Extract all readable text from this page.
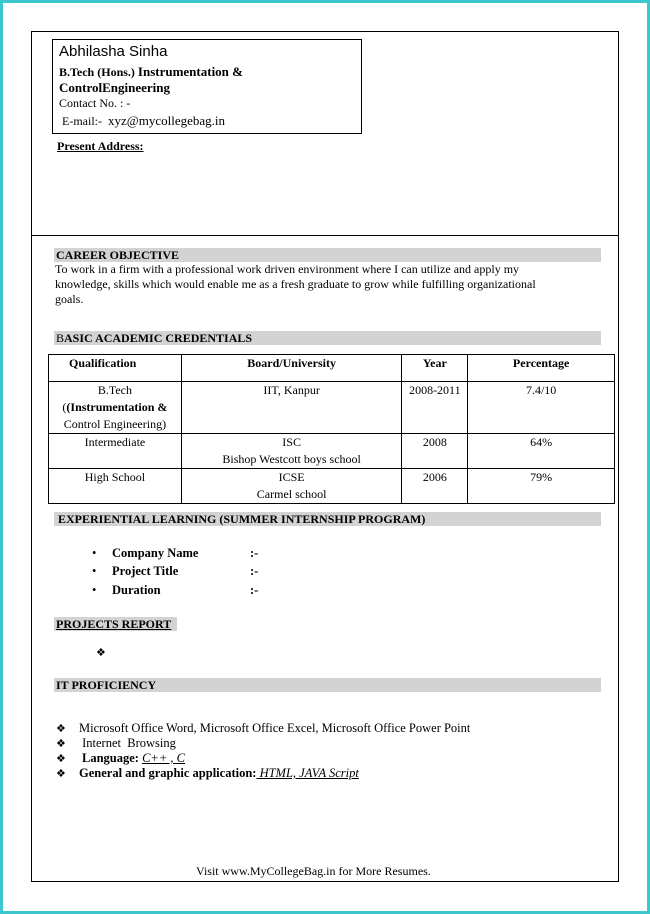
Abhilasha Sinha
B.Tech (Hons.) Instrumentation &
ControlEngineering
Contact No. : -
E-mail:- xyz@mycollegebag.in
Present Address:
CAREER OBJECTIVE
To work in a firm with a professional work driven environment where I can utilize and apply my
knowledge, skills which would enable me as a fresh graduate to grow while fulfilling organizational
goals.
BASIC ACADEMIC CREDENTIALS
Qualification	Board/University	Year	Percentage

B.Tech
((Instrumentation &
Control Engineering)	IIT, Kanpur	2008-2011	7.4/10
Intermediate	ISC
Bishop Westcott boys school	2008	64%
High School	ICSE
Carmel school	2006	79%
EXPERIENTIAL LEARNING (SUMMER INTERNSHIP PROGRAM)
• Company Name	:-
• Project Title	:-
• Duration	:-
PROJECTS REPORT
❖
IT PROFICIENCY
❖ Microsoft Office Word, Microsoft Office Excel, Microsoft Office Power Point
❖ Internet  Browsing
❖ Language: C++ , C
❖ General and graphic application: HTML, JAVA Script
Visit www.MyCollegeBag.in for More Resumes.
